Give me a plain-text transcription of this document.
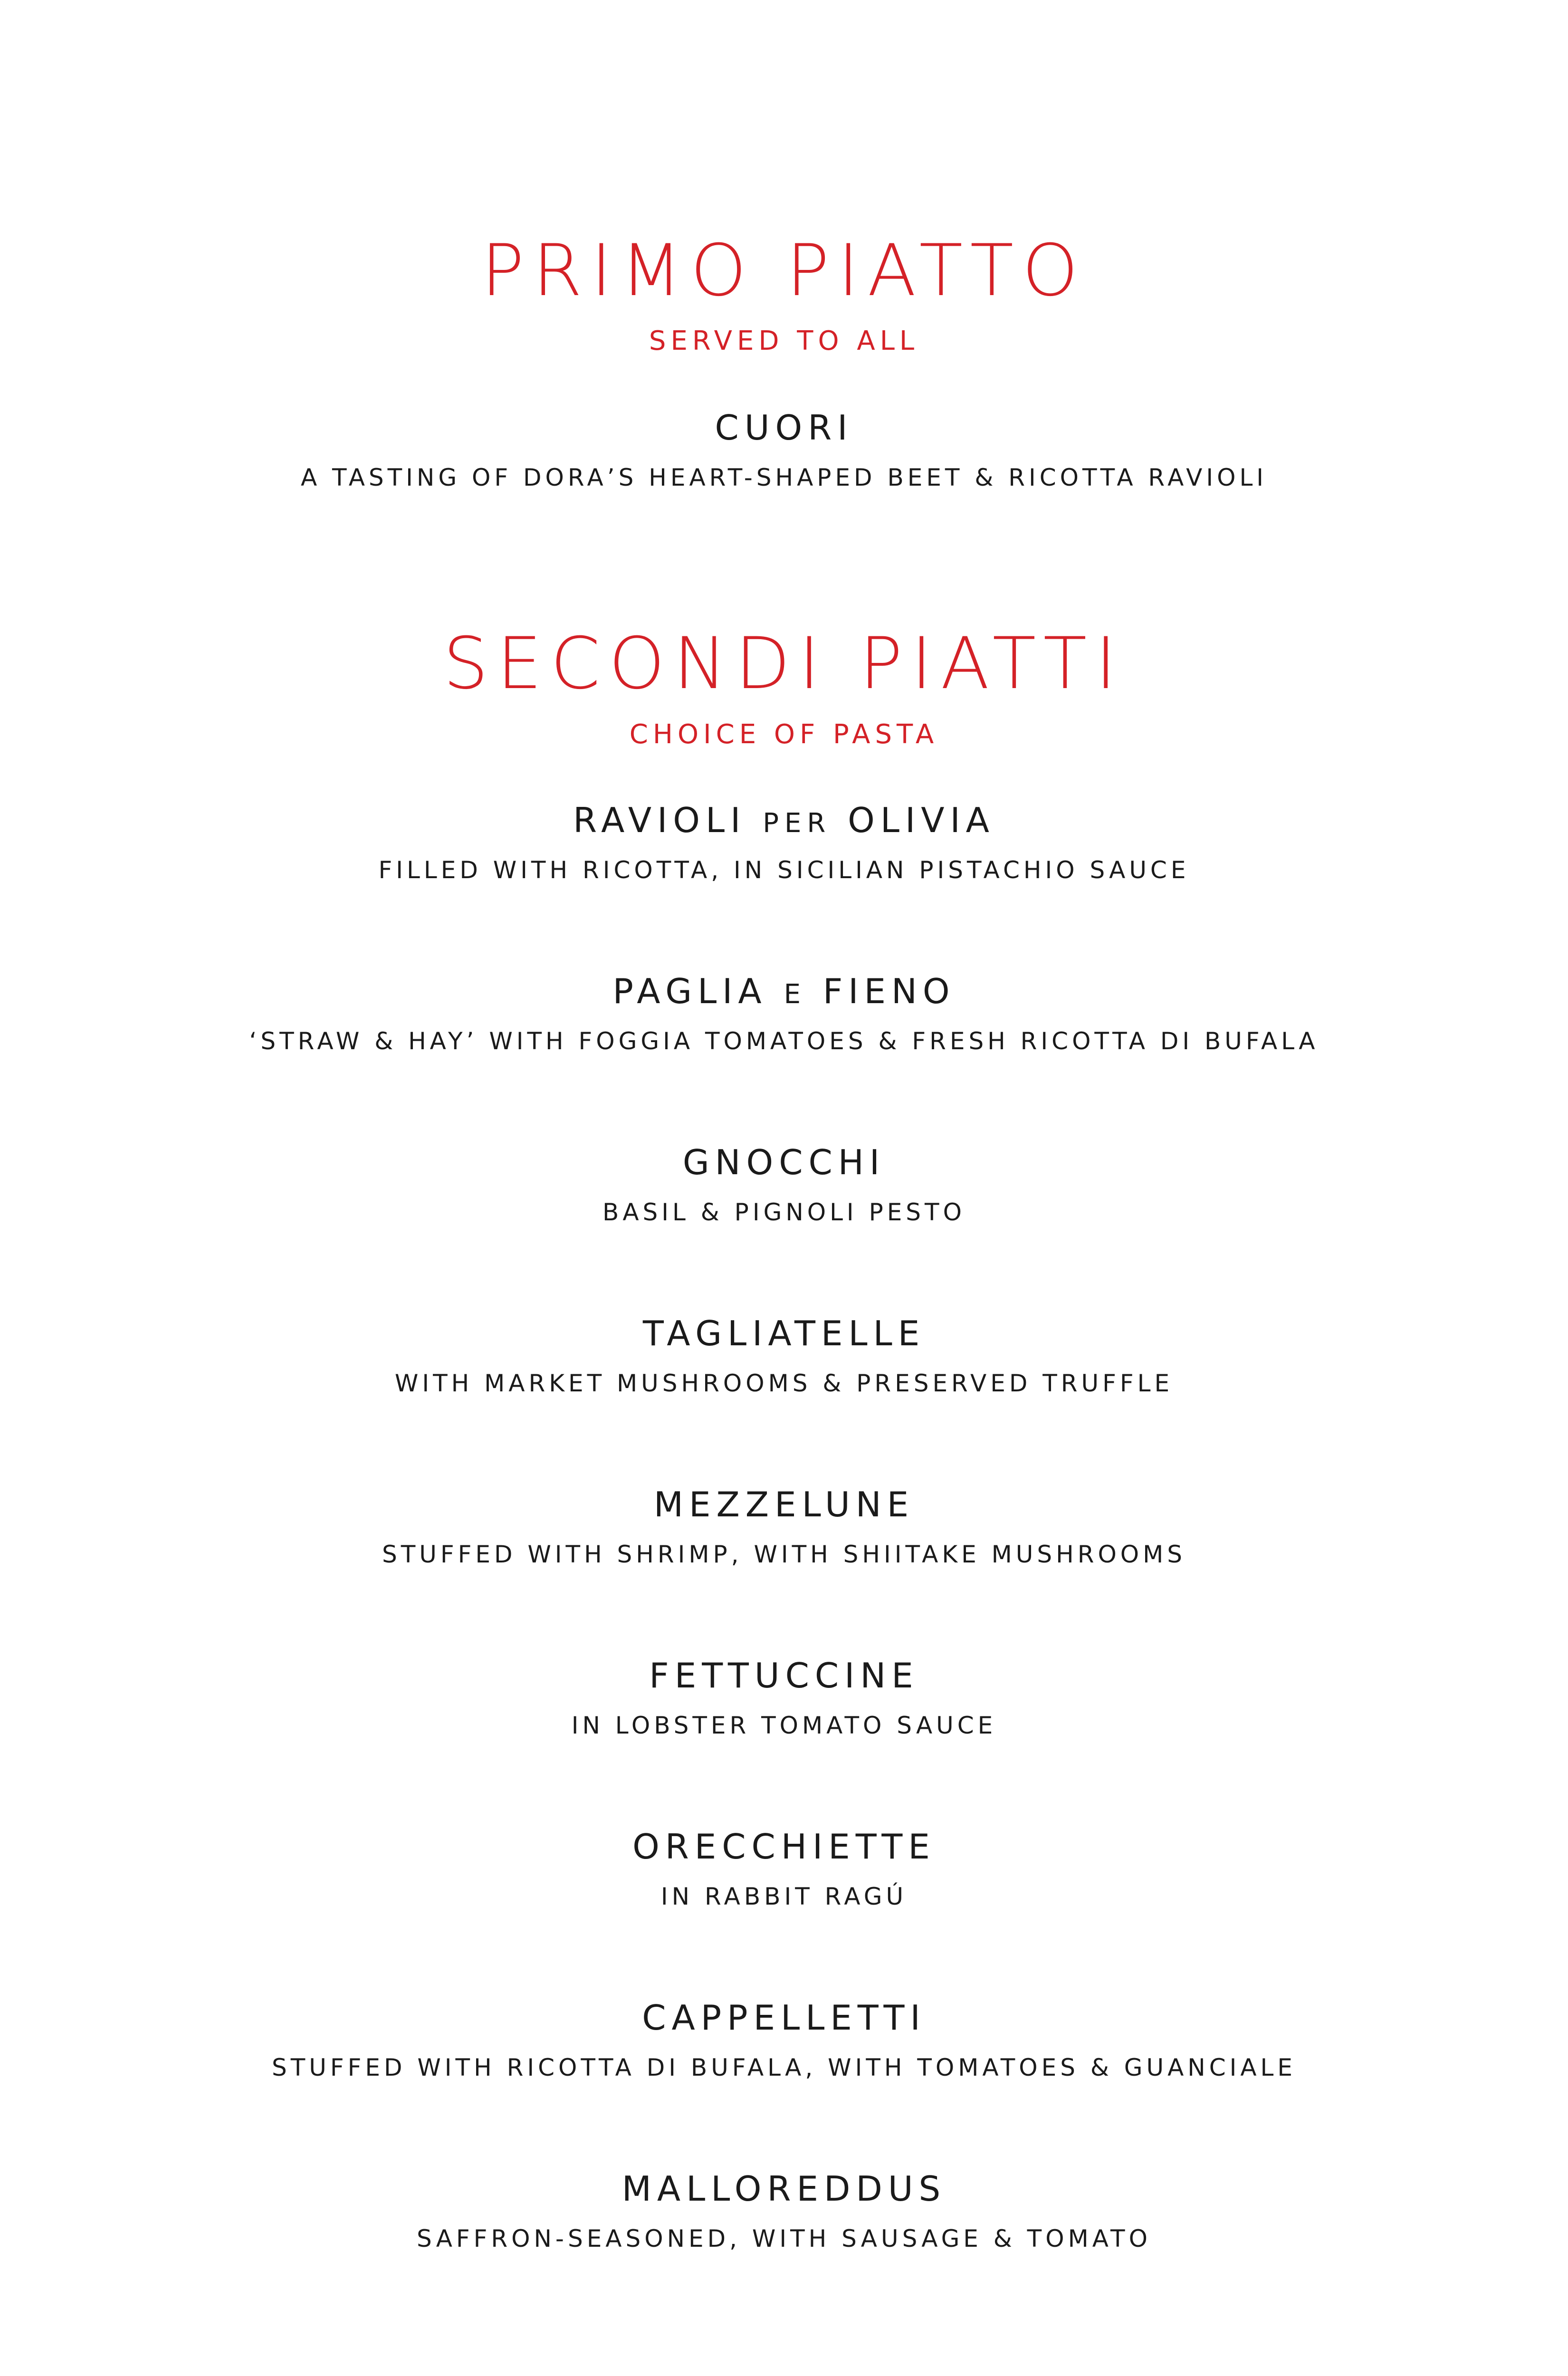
PRIMO PIATTO
SERVED TO ALL
CUORI
A TASTING OF DORA’S HEART-SHAPED BEET & RICOTTA RAVIOLI
SECONDI PIATTI
CHOICE OF PASTA
RAVIOLI PER OLIVIA
FILLED WITH RICOTTA, IN SICILIAN PISTACHIO SAUCE
PAGLIA E FIENO
‘STRAW & HAY’ WITH FOGGIA TOMATOES & FRESH RICOTTA DI BUFALA
GNOCCHI
BASIL & PIGNOLI PESTO
TAGLIATELLE
WITH MARKET MUSHROOMS & PRESERVED TRUFFLE
MEZZELUNE
STUFFED WITH SHRIMP, WITH SHIITAKE MUSHROOMS
FETTUCCINE
IN LOBSTER TOMATO SAUCE
ORECCHIETTE
IN RABBIT RAGÚ
CAPPELLETTI
STUFFED WITH RICOTTA DI BUFALA, WITH TOMATOES & GUANCIALE
MALLOREDDUS
SAFFRON-SEASONED, WITH SAUSAGE & TOMATO
